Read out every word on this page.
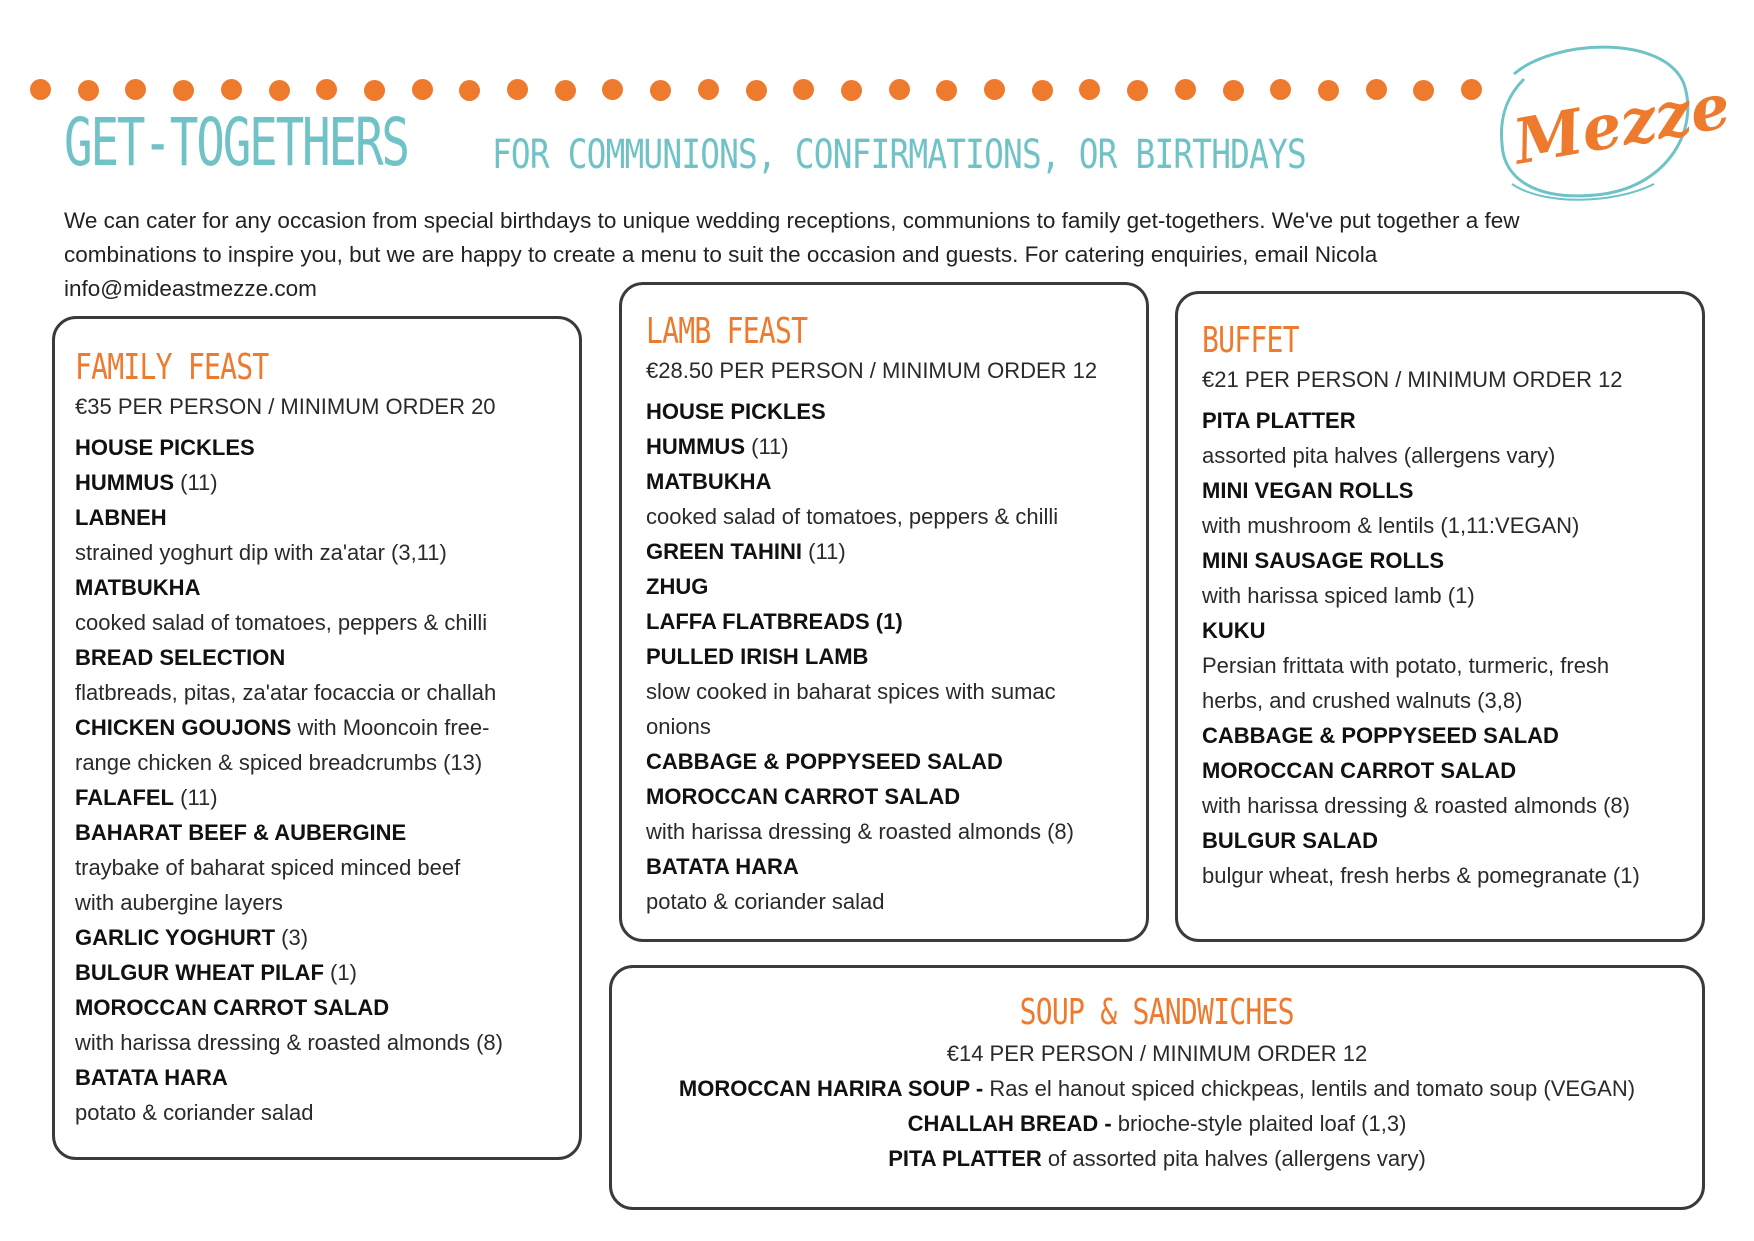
Mezze
GET-TOGETHERS	FOR COMMUNIONS, CONFIRMATIONS, OR BIRTHDAYS
We can cater for any occasion from special birthdays to unique wedding receptions, communions to family get-togethers. We've put together a few
combinations to inspire you, but we are happy to create a menu to suit the occasion and guests. For catering enquiries, email Nicola
info@mideastmezze.com
FAMILY FEAST
€35 PER PERSON / MINIMUM ORDER 20
HOUSE PICKLES
HUMMUS (11)
LABNEH
strained yoghurt dip with za'atar (3,11)
MATBUKHA
cooked salad of tomatoes, peppers & chilli
BREAD SELECTION
flatbreads, pitas, za'atar focaccia or challah
CHICKEN GOUJONS with Mooncoin free-
range chicken & spiced breadcrumbs (13)
FALAFEL (11)
BAHARAT BEEF & AUBERGINE
traybake of baharat spiced minced beef
with aubergine layers
GARLIC YOGHURT (3)
BULGUR WHEAT PILAF (1)
MOROCCAN CARROT SALAD
with harissa dressing & roasted almonds (8)
BATATA HARA
potato & coriander salad
LAMB FEAST
€28.50 PER PERSON / MINIMUM ORDER 12
HOUSE PICKLES
HUMMUS (11)
MATBUKHA
cooked salad of tomatoes, peppers & chilli
GREEN TAHINI (11)
ZHUG
LAFFA FLATBREADS (1)
PULLED IRISH LAMB
slow cooked in baharat spices with sumac
onions
CABBAGE & POPPYSEED SALAD
MOROCCAN CARROT SALAD
with harissa dressing & roasted almonds (8)
BATATA HARA
potato & coriander salad
BUFFET
€21 PER PERSON / MINIMUM ORDER 12
PITA PLATTER
assorted pita halves (allergens vary)
MINI VEGAN ROLLS
with mushroom & lentils (1,11:VEGAN)
MINI SAUSAGE ROLLS
with harissa spiced lamb (1)
KUKU
Persian frittata with potato, turmeric, fresh
herbs, and crushed walnuts (3,8)
CABBAGE & POPPYSEED SALAD
MOROCCAN CARROT SALAD
with harissa dressing & roasted almonds (8)
BULGUR SALAD
bulgur wheat, fresh herbs & pomegranate (1)
SOUP & SANDWICHES
€14 PER PERSON / MINIMUM ORDER 12
MOROCCAN HARIRA SOUP - Ras el hanout spiced chickpeas, lentils and tomato soup (VEGAN)
CHALLAH BREAD - brioche-style plaited loaf (1,3)
PITA PLATTER of assorted pita halves (allergens vary)
